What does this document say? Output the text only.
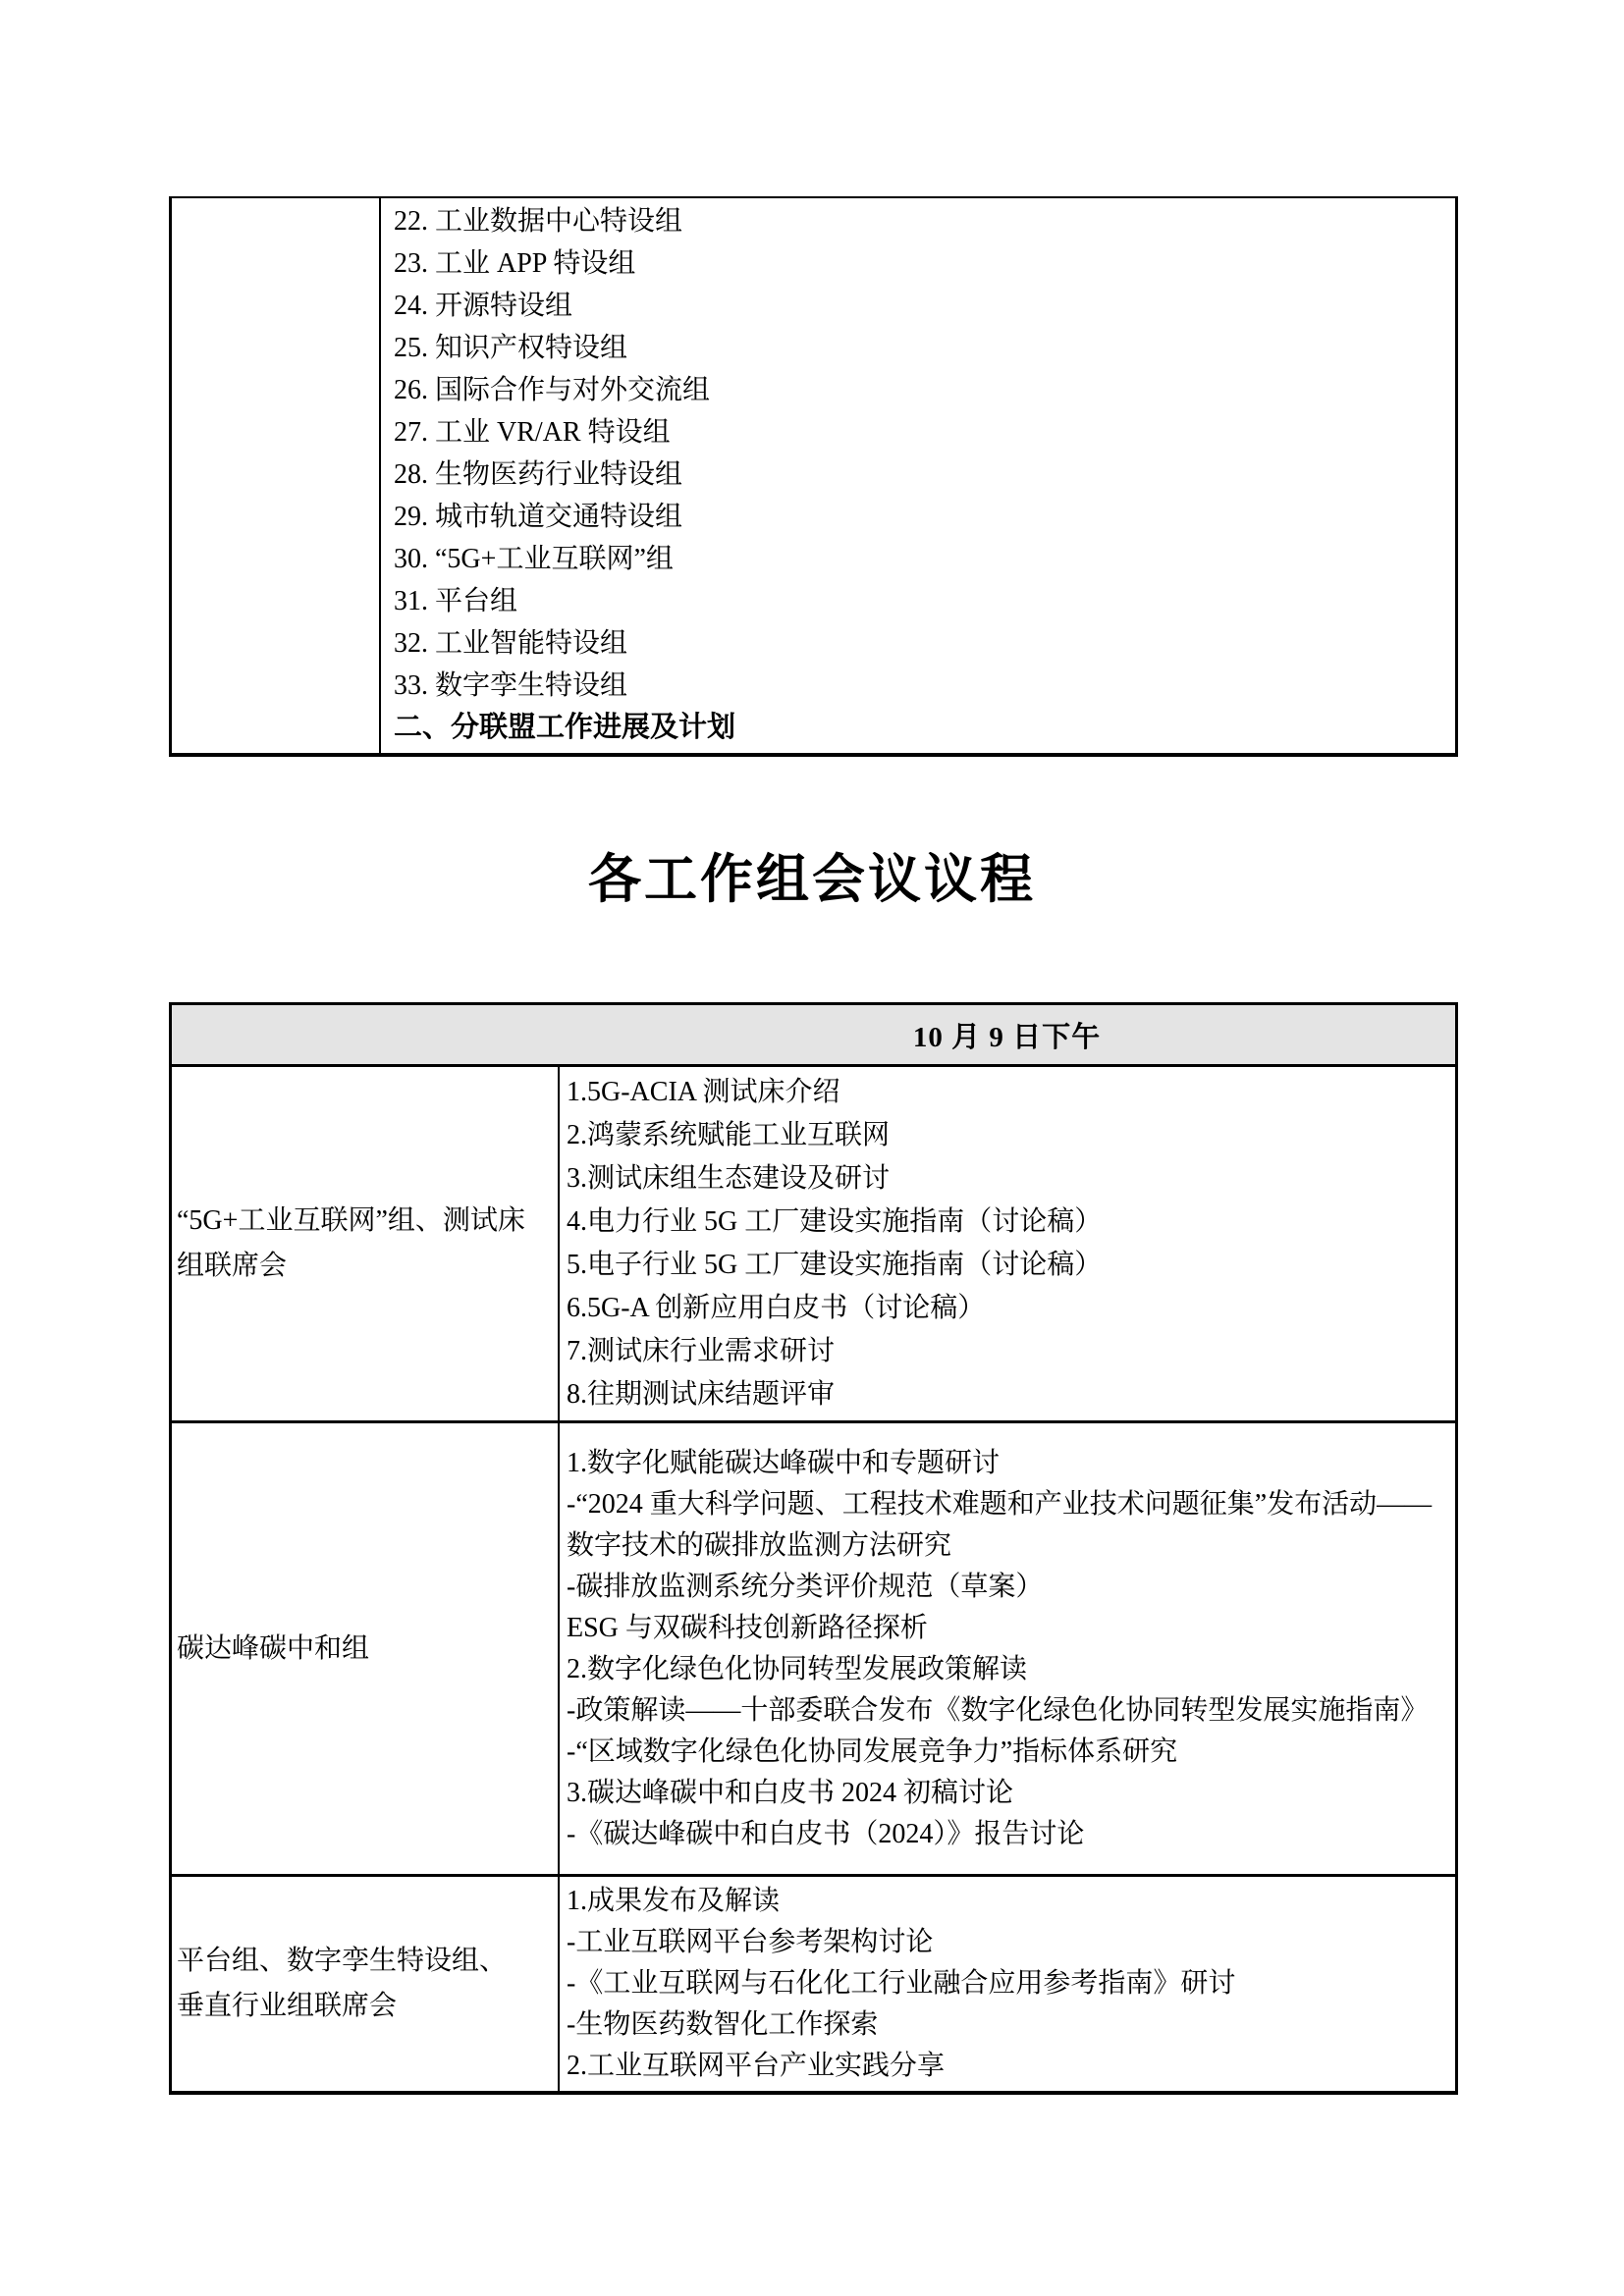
22. 工业数据中心特设组
23. 工业 APP 特设组
24. 开源特设组
25. 知识产权特设组
26. 国际合作与对外交流组
27. 工业 VR/AR 特设组
28. 生物医药行业特设组
29. 城市轨道交通特设组
30. “5G+工业互联网”组
31. 平台组
32. 工业智能特设组
33. 数字孪生特设组
二、分联盟工作进展及计划
各工作组会议议程
	10 月 9 日下午
“5G+工业互联网”组、测试床组联席会	
1.5G-ACIA 测试床介绍
2.鸿蒙系统赋能工业互联网
3.测试床组生态建设及研讨
4.电力行业 5G 工厂建设实施指南（讨论稿）
5.电子行业 5G 工厂建设实施指南（讨论稿）
6.5G-A 创新应用白皮书（讨论稿）
7.测试床行业需求研讨
8.往期测试床结题评审

碳达峰碳中和组	
1.数字化赋能碳达峰碳中和专题研讨
-“2024 重大科学问题、工程技术难题和产业技术问题征集”发布活动——数字技术的碳排放监测方法研究
-碳排放监测系统分类评价规范（草案）
ESG 与双碳科技创新路径探析
2.数字化绿色化协同转型发展政策解读
-政策解读——十部委联合发布《数字化绿色化协同转型发展实施指南》
-“区域数字化绿色化协同发展竞争力”指标体系研究
3.碳达峰碳中和白皮书 2024 初稿讨论
-《碳达峰碳中和白皮书（2024）》报告讨论

平台组、数字孪生特设组、垂直行业组联席会	
1.成果发布及解读
-工业互联网平台参考架构讨论
-《工业互联网与石化化工行业融合应用参考指南》研讨
-生物医药数智化工作探索
2.工业互联网平台产业实践分享
